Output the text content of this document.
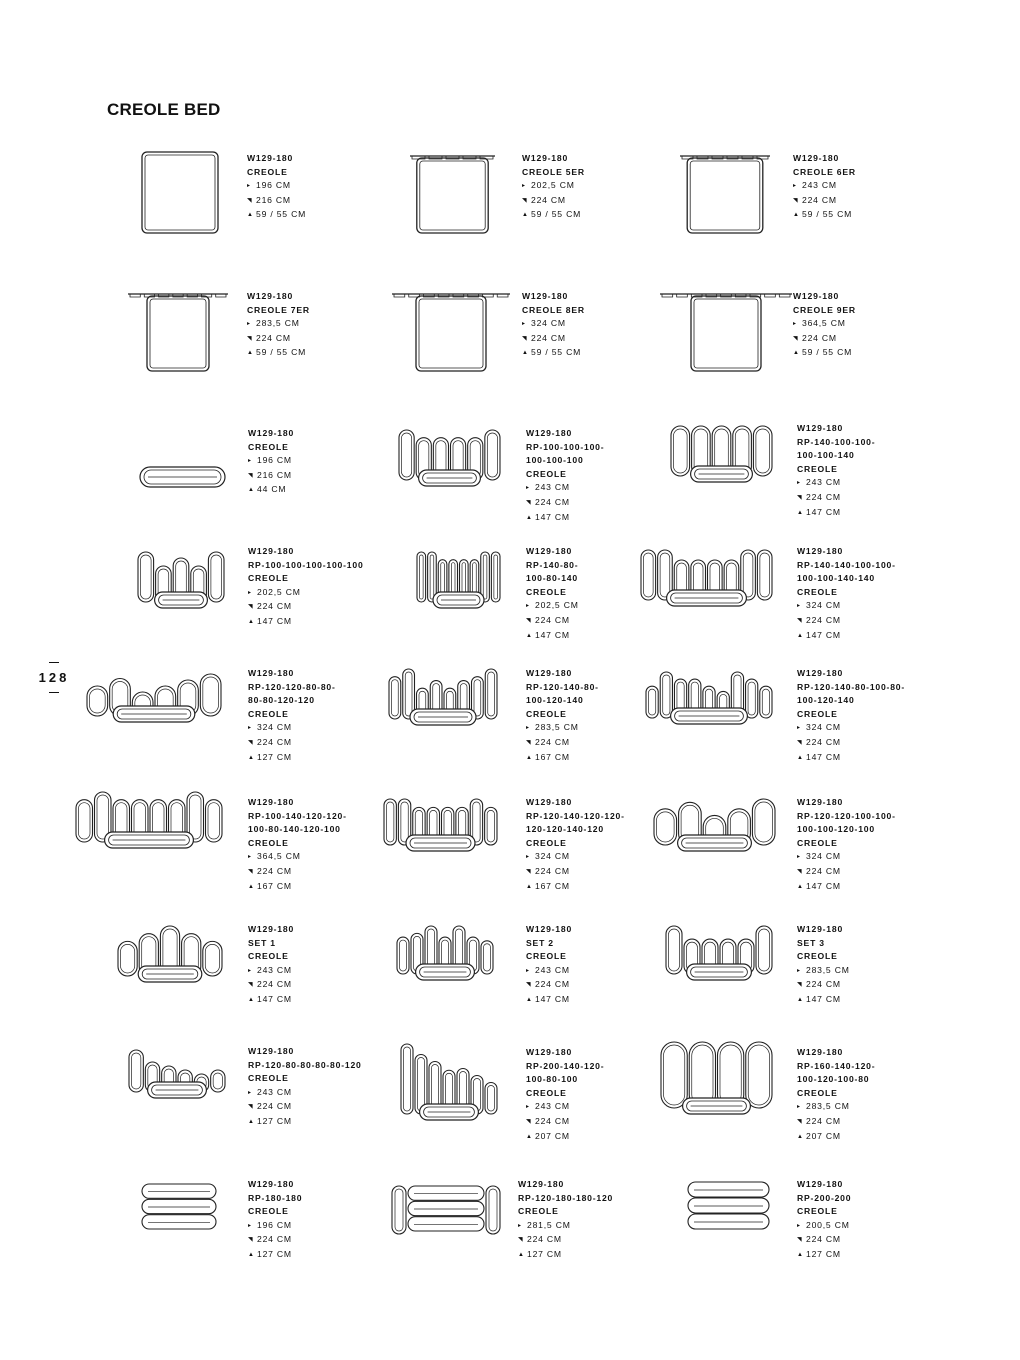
CREOLE BED
128
W129-180
CREOLE
▸ 196 CM
◥ 216 CM
▲ 59 / 55 CM
W129-180
CREOLE 5ER
▸ 202,5 CM
◥ 224 CM
▲ 59 / 55 CM
W129-180
CREOLE 6ER
▸ 243 CM
◥ 224 CM
▲ 59 / 55 CM
W129-180
CREOLE 7ER
▸ 283,5 CM
◥ 224 CM
▲ 59 / 55 CM
W129-180
CREOLE 8ER
▸ 324 CM
◥ 224 CM
▲ 59 / 55 CM
W129-180
CREOLE 9ER
▸ 364,5 CM
◥ 224 CM
▲ 59 / 55 CM
W129-180
CREOLE
▸ 196 CM
◥ 216 CM
▲ 44 CM
W129-180
RP-100-100-100-
100-100-100
CREOLE
▸ 243 CM
◥ 224 CM
▲ 147 CM
W129-180
RP-140-100-100-
100-100-140
CREOLE
▸ 243 CM
◥ 224 CM
▲ 147 CM
W129-180
RP-100-100-100-100-100
CREOLE
▸ 202,5 CM
◥ 224 CM
▲ 147 CM
W129-180
RP-140-80-
100-80-140
CREOLE
▸ 202,5 CM
◥ 224 CM
▲ 147 CM
W129-180
RP-140-140-100-100-
100-100-140-140
CREOLE
▸ 324 CM
◥ 224 CM
▲ 147 CM
W129-180
RP-120-120-80-80-
80-80-120-120
CREOLE
▸ 324 CM
◥ 224 CM
▲ 127 CM
W129-180
RP-120-140-80-
100-120-140
CREOLE
▸ 283,5 CM
◥ 224 CM
▲ 167 CM
W129-180
RP-120-140-80-100-80-
100-120-140
CREOLE
▸ 324 CM
◥ 224 CM
▲ 147 CM
W129-180
RP-100-140-120-120-
100-80-140-120-100
CREOLE
▸ 364,5 CM
◥ 224 CM
▲ 167 CM
W129-180
RP-120-140-120-120-
120-120-140-120
CREOLE
▸ 324 CM
◥ 224 CM
▲ 167 CM
W129-180
RP-120-120-100-100-
100-100-120-100
CREOLE
▸ 324 CM
◥ 224 CM
▲ 147 CM
W129-180
SET 1
CREOLE
▸ 243 CM
◥ 224 CM
▲ 147 CM
W129-180
SET 2
CREOLE
▸ 243 CM
◥ 224 CM
▲ 147 CM
W129-180
SET 3
CREOLE
▸ 283,5 CM
◥ 224 CM
▲ 147 CM
W129-180
RP-120-80-80-80-80-120
CREOLE
▸ 243 CM
◥ 224 CM
▲ 127 CM
W129-180
RP-200-140-120-
100-80-100
CREOLE
▸ 243 CM
◥ 224 CM
▲ 207 CM
W129-180
RP-160-140-120-
100-120-100-80
CREOLE
▸ 283,5 CM
◥ 224 CM
▲ 207 CM
W129-180
RP-180-180
CREOLE
▸ 196 CM
◥ 224 CM
▲ 127 CM
W129-180
RP-120-180-180-120
CREOLE
▸ 281,5 CM
◥ 224 CM
▲ 127 CM
W129-180
RP-200-200
CREOLE
▸ 200,5 CM
◥ 224 CM
▲ 127 CM
